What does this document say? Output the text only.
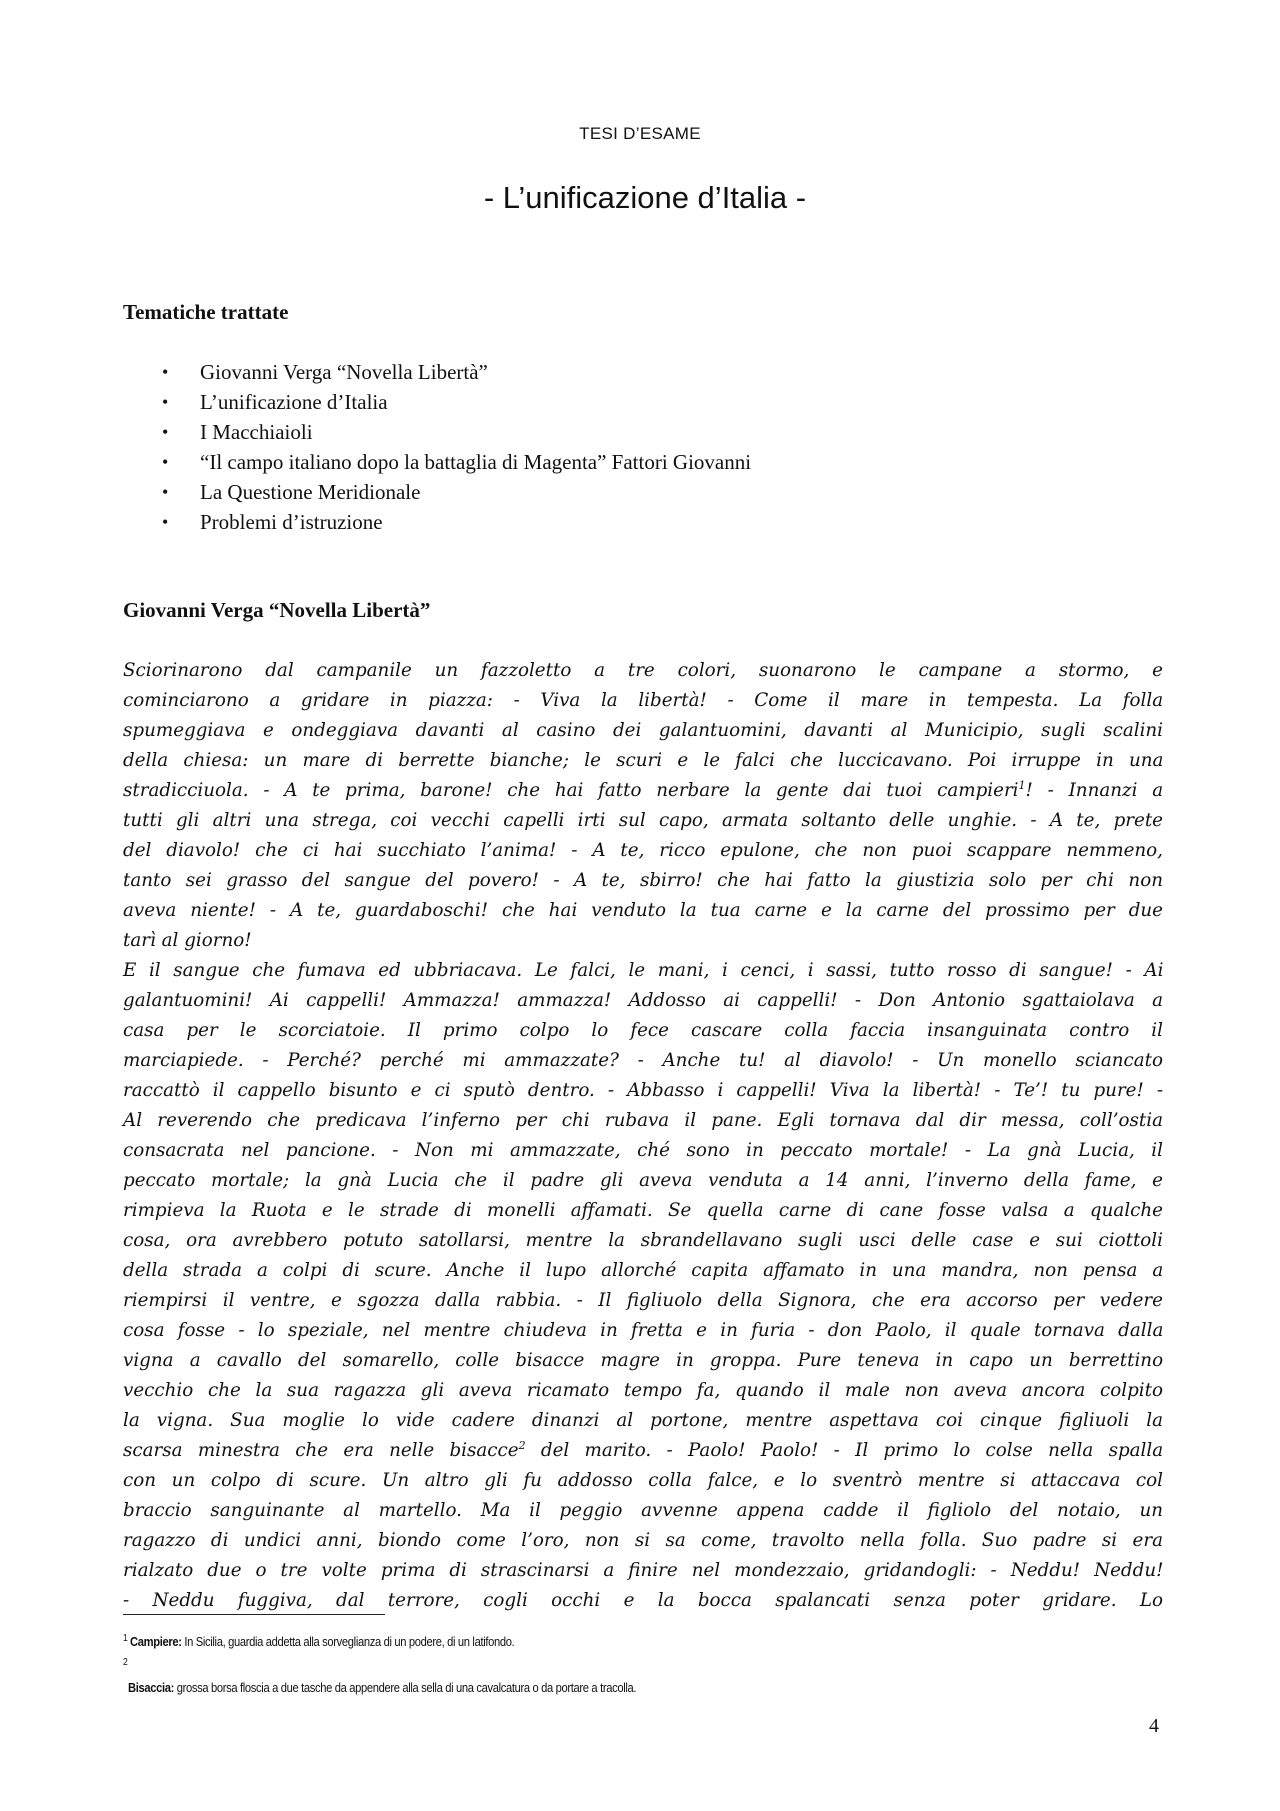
TESI D’ESAME
- L’unificazione d’Italia -
Tematiche trattate
• Giovanni Verga “Novella Libertà”
• L’unificazione d’Italia
• I Macchiaioli
• “Il campo italiano dopo la battaglia di Magenta” Fattori Giovanni
• La Questione Meridionale
• Problemi d’istruzione
Giovanni Verga “Novella Libertà”
Sciorinarono dal campanile un fazzoletto a tre colori, suonarono le campane a stormo, e
cominciarono a gridare in piazza: - Viva la libertà! - Come il mare in tempesta. La folla
spumeggiava e ondeggiava davanti al casino dei galantuomini, davanti al Municipio, sugli scalini
della chiesa: un mare di berrette bianche; le scuri e le falci che luccicavano. Poi irruppe in una
stradicciuola. - A te prima, barone! che hai fatto nerbare la gente dai tuoi campieri$^1$! - Innanzi a
tutti gli altri una strega, coi vecchi capelli irti sul capo, armata soltanto delle unghie. - A te, prete
del diavolo! che ci hai succhiato l’anima! - A te, ricco epulone, che non puoi scappare nemmeno,
tanto sei grasso del sangue del povero! - A te, sbirro! che hai fatto la giustizia solo per chi non
aveva niente! - A te, guardaboschi! che hai venduto la tua carne e la carne del prossimo per due
tarì al giorno!
E il sangue che fumava ed ubbriacava. Le falci, le mani, i cenci, i sassi, tutto rosso di sangue! - Ai
galantuomini! Ai cappelli! Ammazza! ammazza! Addosso ai cappelli! - Don Antonio sgattaiolava a
casa per le scorciatoie. Il primo colpo lo fece cascare colla faccia insanguinata contro il
marciapiede. - Perché? perché mi ammazzate? - Anche tu! al diavolo! - Un monello sciancato
raccattò il cappello bisunto e ci sputò dentro. - Abbasso i cappelli! Viva la libertà! - Te’! tu pure! -
Al reverendo che predicava l’inferno per chi rubava il pane. Egli tornava dal dir messa, coll’ostia
consacrata nel pancione. - Non mi ammazzate, ché sono in peccato mortale! - La gnà Lucia, il
peccato mortale; la gnà Lucia che il padre gli aveva venduta a 14 anni, l’inverno della fame, e
rimpieva la Ruota e le strade di monelli affamati. Se quella carne di cane fosse valsa a qualche
cosa, ora avrebbero potuto satollarsi, mentre la sbrandellavano sugli usci delle case e sui ciottoli
della strada a colpi di scure. Anche il lupo allorché capita affamato in una mandra, non pensa a
riempirsi il ventre, e sgozza dalla rabbia. - Il figliuolo della Signora, che era accorso per vedere
cosa fosse - lo speziale, nel mentre chiudeva in fretta e in furia - don Paolo, il quale tornava dalla
vigna a cavallo del somarello, colle bisacce magre in groppa. Pure teneva in capo un berrettino
vecchio che la sua ragazza gli aveva ricamato tempo fa, quando il male non aveva ancora colpito
la vigna. Sua moglie lo vide cadere dinanzi al portone, mentre aspettava coi cinque figliuoli la
scarsa minestra che era nelle bisacce$^2$ del marito. - Paolo! Paolo! - Il primo lo colse nella spalla
con un colpo di scure. Un altro gli fu addosso colla falce, e lo sventrò mentre si attaccava col
braccio sanguinante al martello. Ma il peggio avvenne appena cadde il figliolo del notaio, un
ragazzo di undici anni, biondo come l’oro, non si sa come, travolto nella folla. Suo padre si era
rialzato due o tre volte prima di strascinarsi a finire nel mondezzaio, gridandogli: - Neddu! Neddu!
- Neddu fuggiva, dal terrore, cogli occhi e la bocca spalancati senza poter gridare. Lo
$^1$ Campiere: In Sicilia, guardia addetta alla sorveglianza di un podere, di un latifondo.
2
Bisaccia: grossa borsa floscia a due tasche da appendere alla sella di una cavalcatura o da portare a tracolla.
4
